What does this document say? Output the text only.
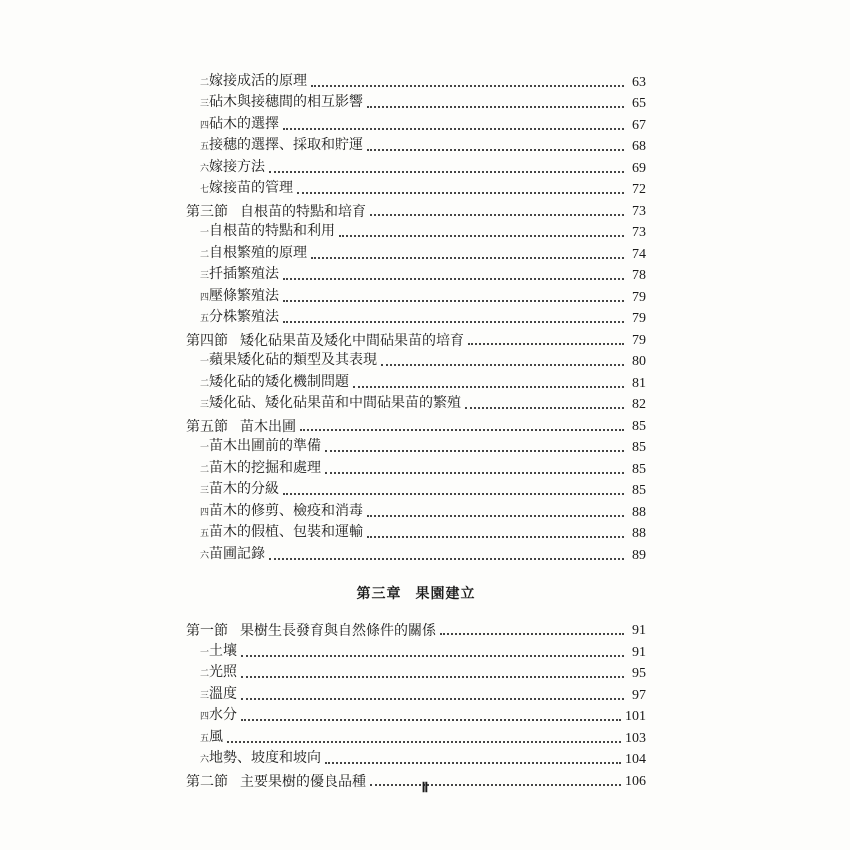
二嫁接成活的原理	63
三砧木與接穗間的相互影響	65
四砧木的選擇	67
五接穗的選擇、採取和貯運	68
六嫁接方法	69
七嫁接苗的管理	72
第三節 自根苗的特點和培育	73
一自根苗的特點和利用	73
二自根繁殖的原理	74
三扦插繁殖法	78
四壓條繁殖法	79
五分株繁殖法	79
第四節 矮化砧果苗及矮化中間砧果苗的培育	79
一蘋果矮化砧的類型及其表現	80
二矮化砧的矮化機制問題	81
三矮化砧、矮化砧果苗和中間砧果苗的繁殖	82
第五節 苗木出圃	85
一苗木出圃前的準備	85
二苗木的挖掘和處理	85
三苗木的分級	85
四苗木的修剪、檢疫和消毒	88
五苗木的假植、包裝和運輸	88
六苗圃記錄	89
第三章 果園建立
第一節 果樹生長發育與自然條件的關係	91
一土壤	91
二光照	95
三溫度	97
四水分	101
五風	103
六地勢、坡度和坡向	104
第二節 主要果樹的優良品種	106
Ⅱ
